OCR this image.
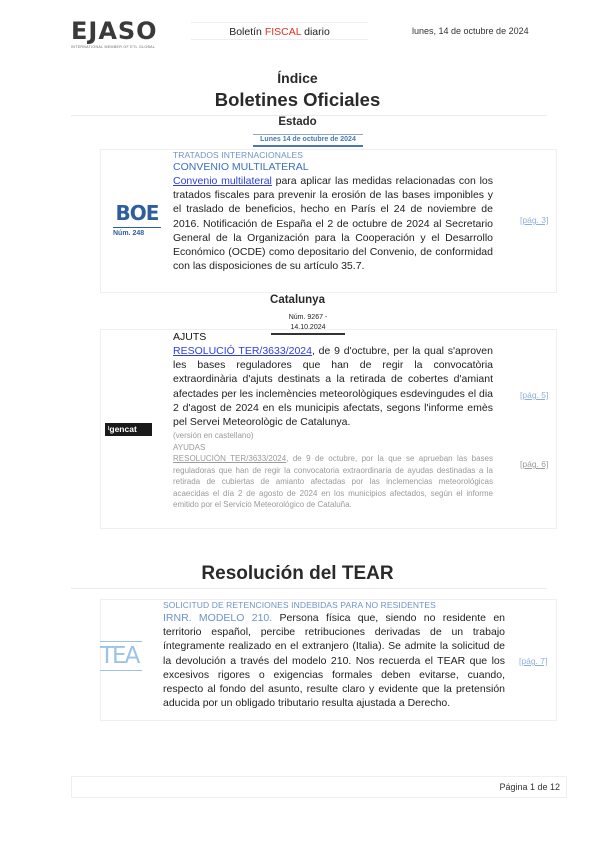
EJASO
INTERNATIONAL MEMBER OF ETL GLOBAL
Boletín FISCAL diario	lunes, 14 de octubre de 2024
Índice
Boletines Oficiales
Estado
Lunes 14 de octubre de 2024
BOE
Núm. 248
TRATADOS INTERNACIONALES
CONVENIO MULTILATERAL
Convenio multilateral para aplicar las medidas relacionadas con los tratados fiscales para prevenir la erosión de las bases imponibles y el traslado de beneficios, hecho en París el 24 de noviembre de 2016. Notificación de España el 2 de octubre de 2024 al Secretario General de la Organización para la Cooperación y el Desarrollo Económico (OCDE) como depositario del Convenio, de conformidad con las disposiciones de su artículo 35.7.
[pág. 3]
Catalunya
Núm. 9267 - 14.10.2024
$^I$gencat
AJUTS
RESOLUCIÓ TER/3633/2024, de 9 d'octubre, per la qual s'aproven les bases reguladores que han de regir la convocatòria extraordinària d'ajuts destinats a la retirada de cobertes d'amiant afectades per les inclemències meteorològiques esdevingudes el dia 2 d'agost de 2024 en els municipis afectats, segons l'informe emès pel Servei Meteorològic de Catalunya.
(versión en castellano)
AYUDAS
RESOLUCIÓN TER/3633/2024, de 9 de octubre, por la que se aprueban las bases reguladoras que han de regir la convocatoria extraordinaria de ayudas destinadas a la retirada de cubiertas de amianto afectadas por las inclemencias meteorológicas acaecidas el día 2 de agosto de 2024 en los municipios afectados, según el informe emitido por el Servicio Meteorológico de Cataluña.
[pág. 5]
[pág. 6]
Resolución del TEAR
TEA
SOLICITUD DE RETENCIONES INDEBIDAS PARA NO RESIDENTES
IRNR. MODELO 210. Persona física que, siendo no residente en territorio español, percibe retribuciones derivadas de un trabajo íntegramente realizado en el extranjero (Italia). Se admite la solicitud de la devolución a través del modelo 210. Nos recuerda el TEAR que los excesivos rigores o exigencias formales deben evitarse, cuando, respecto al fondo del asunto, resulte claro y evidente que la pretensión aducida por un obligado tributario resulta ajustada a Derecho.
[pág. 7]
Página 1 de 12
